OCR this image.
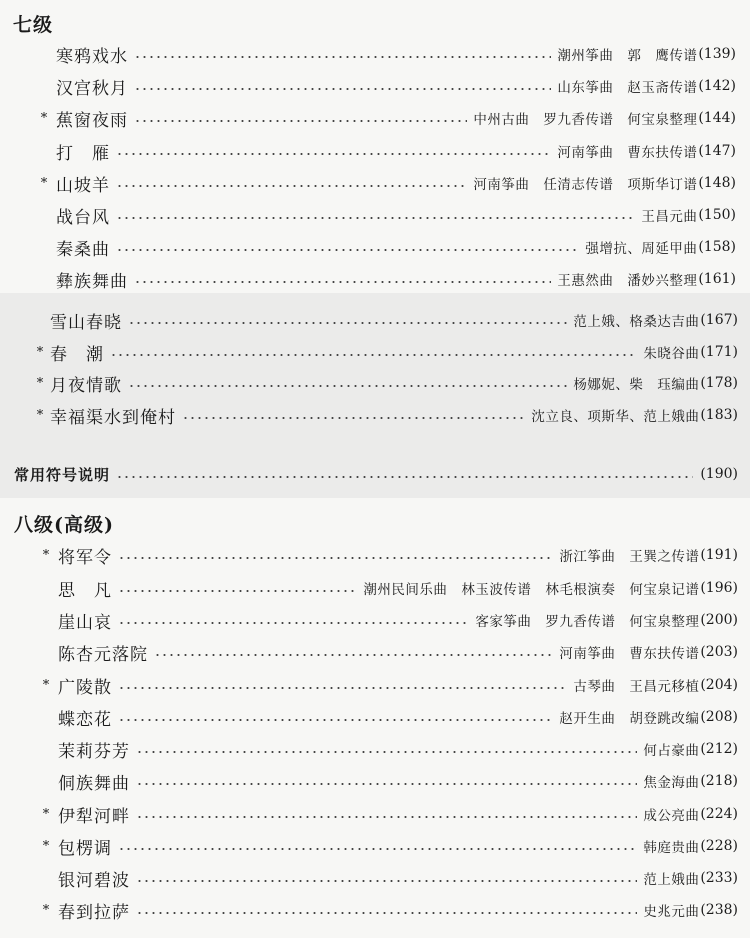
七级
寒鸦戏水	潮州筝曲　郭　鹰传谱 (139)
汉宫秋月	山东筝曲　赵玉斋传谱 (142)
* 蕉窗夜雨	中州古曲　罗九香传谱　何宝泉整理 (144)
打　雁	河南筝曲　曹东扶传谱 (147)
* 山坡羊	河南筝曲　任清志传谱　项斯华订谱 (148)
战台风	王昌元曲 (150)
秦桑曲	强增抗、周延甲曲 (158)
彝族舞曲	王惠然曲　潘妙兴整理 (161)
雪山春晓	范上娥、格桑达吉曲 (167)
* 春　潮	朱晓谷曲 (171)
* 月夜情歌	杨娜妮、柴　珏编曲 (178)
* 幸福渠水到俺村	沈立良、项斯华、范上娥曲 (183)
常用符号说明	(190)
八级(高级)
* 将军令	浙江筝曲　王巽之传谱 (191)
思　凡	潮州民间乐曲　林玉波传谱　林毛根演奏　何宝泉记谱 (196)
崖山哀	客家筝曲　罗九香传谱　何宝泉整理 (200)
陈杏元落院	河南筝曲　曹东扶传谱 (203)
* 广陵散	古琴曲　王昌元移植 (204)
蝶恋花	赵开生曲　胡登跳改编 (208)
茉莉芬芳	何占豪曲 (212)
侗族舞曲	焦金海曲 (218)
* 伊犁河畔	成公亮曲 (224)
* 包楞调	韩庭贵曲 (228)
银河碧波	范上娥曲 (233)
* 春到拉萨	史兆元曲 (238)
